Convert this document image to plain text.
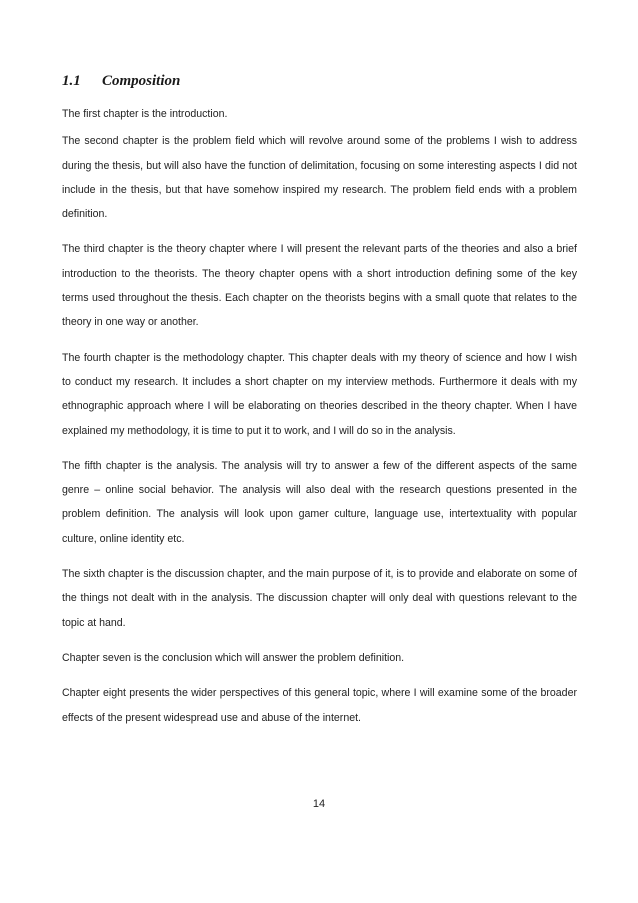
1.1	Composition

The first chapter is the introduction.

The second chapter is the problem field which will revolve around some of the problems I wish to address during the thesis, but will also have the function of delimitation, focusing on some interesting aspects I did not include in the thesis, but that have somehow inspired my research. The problem field ends with a problem definition.

The third chapter is the theory chapter where I will present the relevant parts of the theories and also a brief introduction to the theorists. The theory chapter opens with a short introduction defining some of the key terms used throughout the thesis. Each chapter on the theorists begins with a small quote that relates to the theory in one way or another.

The fourth chapter is the methodology chapter. This chapter deals with my theory of science and how I wish to conduct my research. It includes a short chapter on my interview methods. Furthermore it deals with my ethnographic approach where I will be elaborating on theories described in the theory chapter. When I have explained my methodology, it is time to put it to work, and I will do so in the analysis.

The fifth chapter is the analysis. The analysis will try to answer a few of the different aspects of the same genre – online social behavior. The analysis will also deal with the research questions presented in the problem definition. The analysis will look upon gamer culture, language use, intertextuality with popular culture, online identity etc.

The sixth chapter is the discussion chapter, and the main purpose of it, is to provide and elaborate on some of the things not dealt with in the analysis. The discussion chapter will only deal with questions relevant to the topic at hand.

Chapter seven is the conclusion which will answer the problem definition.

Chapter eight presents the wider perspectives of this general topic, where I will examine some of the broader effects of the present widespread use and abuse of the internet.

14
